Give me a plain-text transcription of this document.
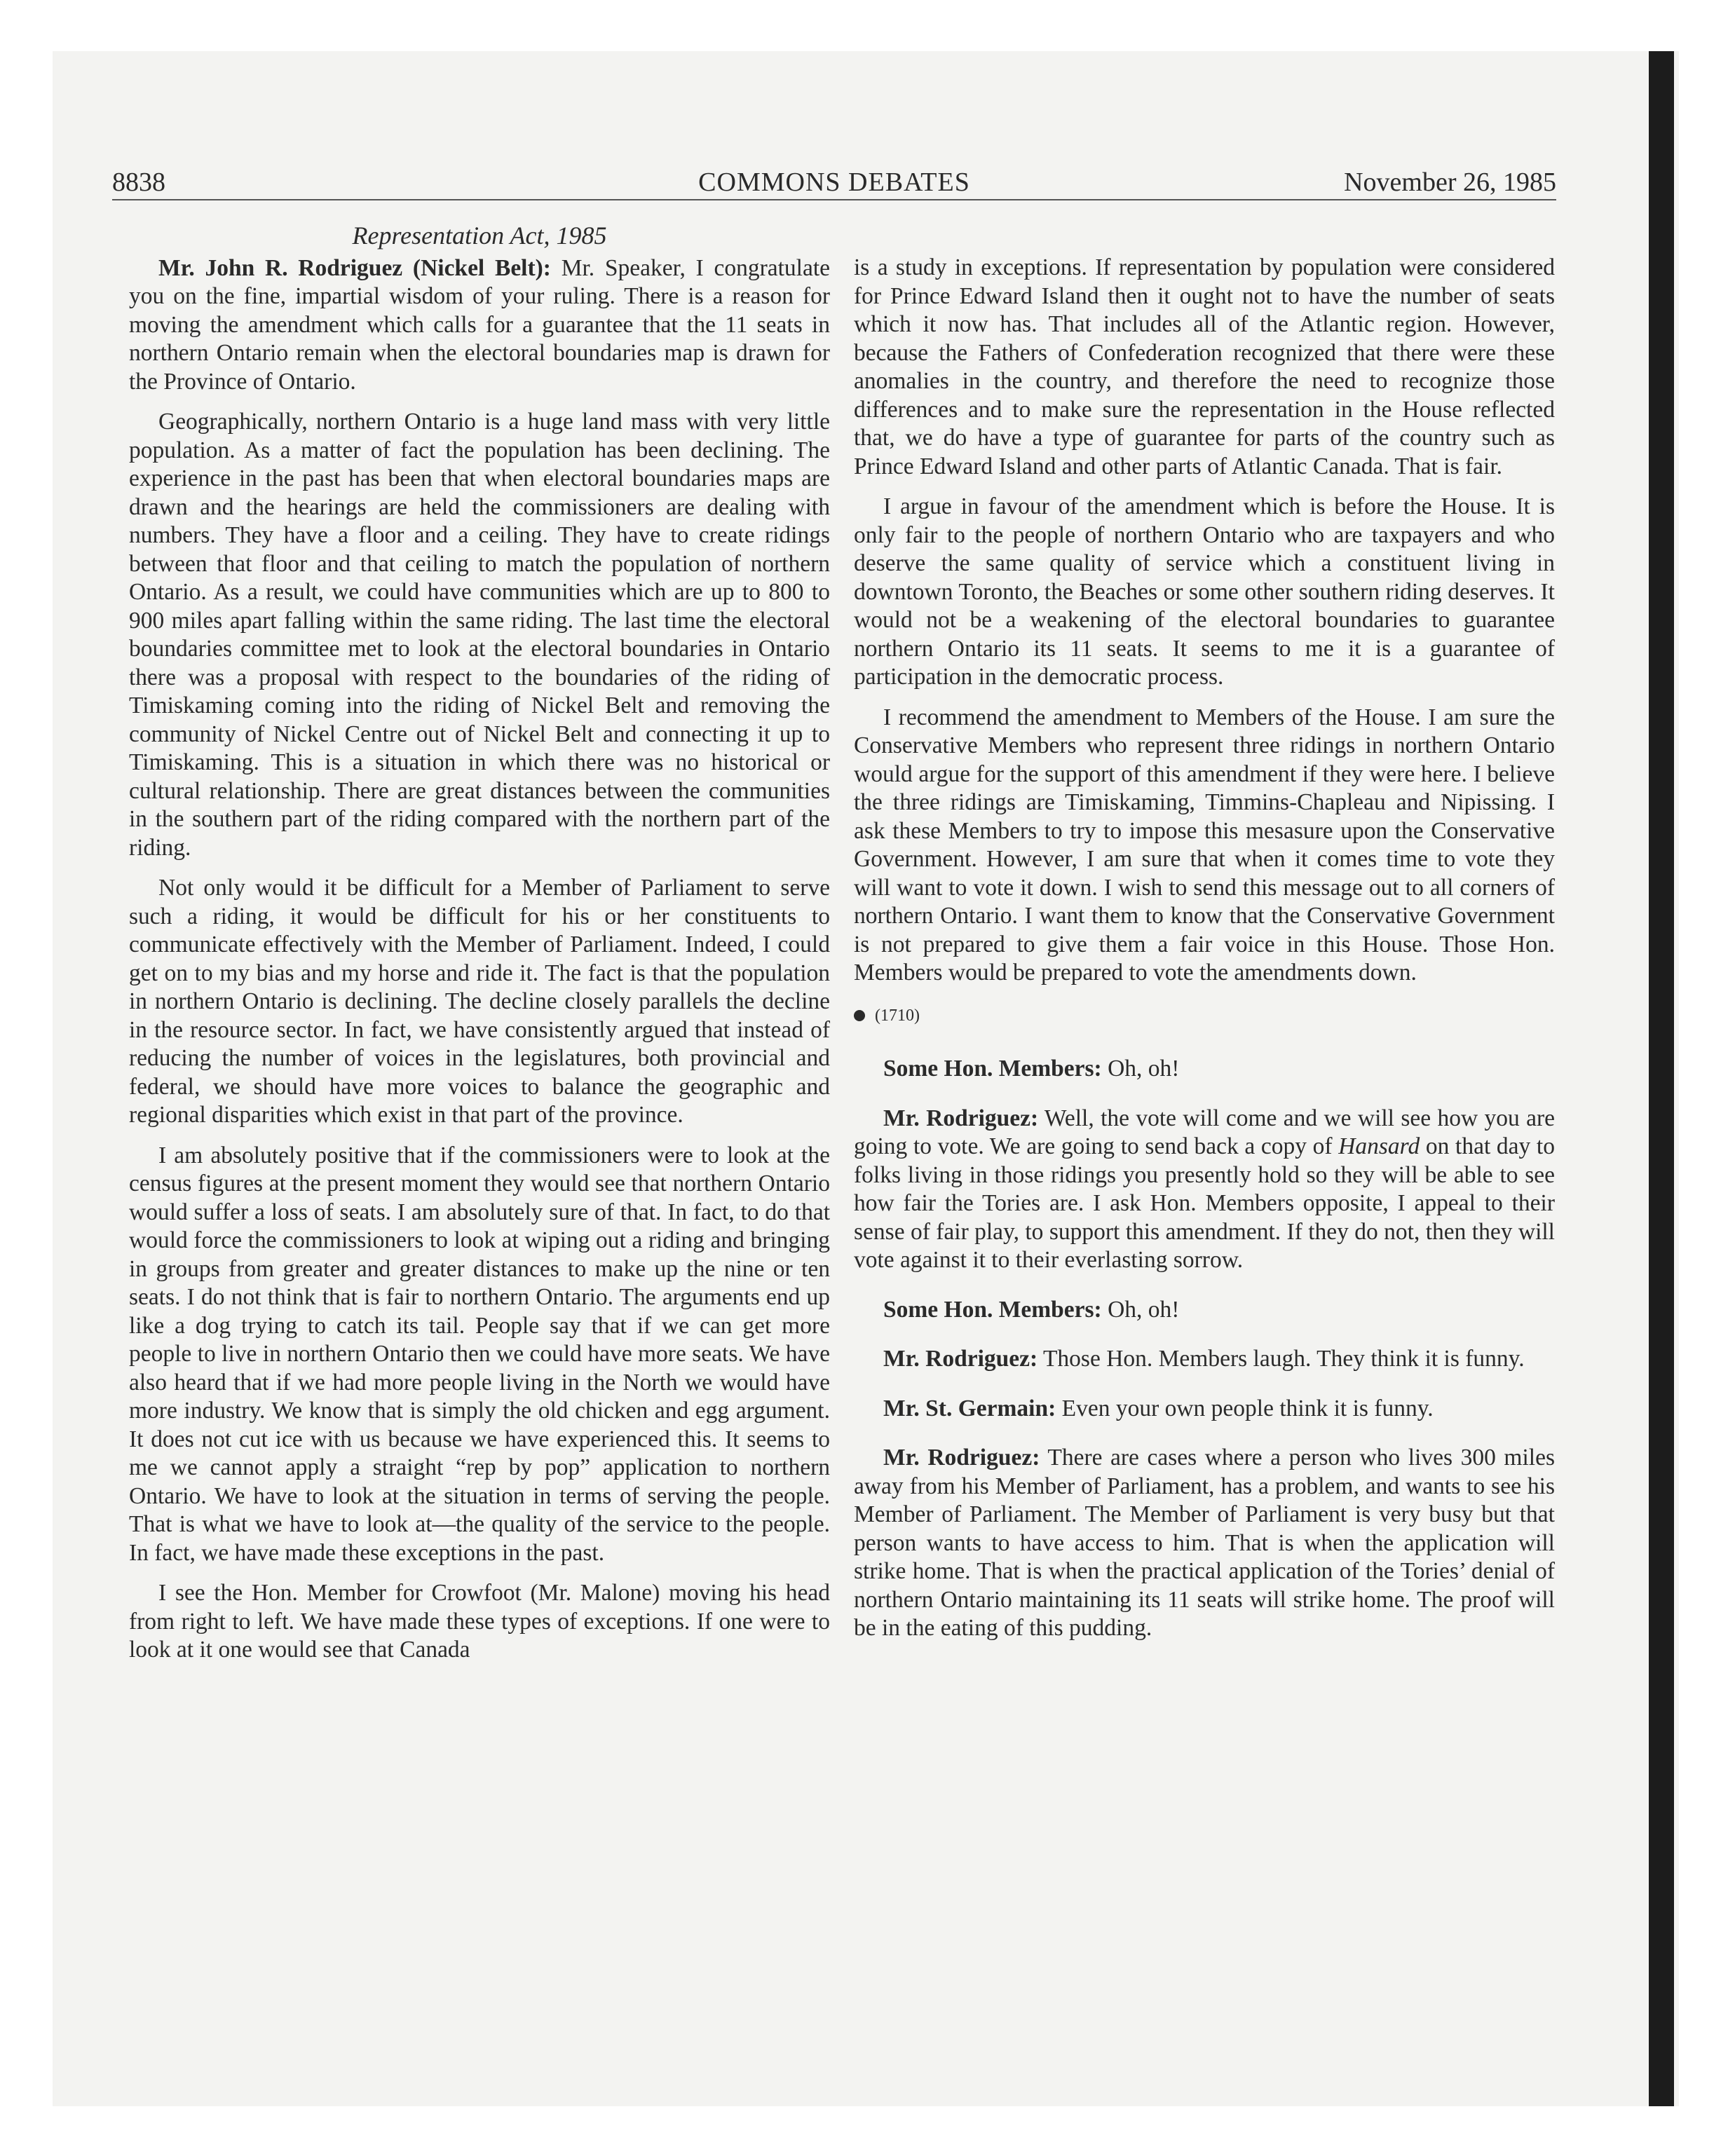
8838	COMMONS DEBATES	November 26, 1985
Representation Act, 1985

Mr. John R. Rodriguez (Nickel Belt): Mr. Speaker, I congratulate you on the fine, impartial wisdom of your ruling. There is a reason for moving the amendment which calls for a guarantee that the 11 seats in northern Ontario remain when the electoral boundaries map is drawn for the Province of Ontario.

Geographically, northern Ontario is a huge land mass with very little population. As a matter of fact the population has been declining. The experience in the past has been that when electoral boundaries maps are drawn and the hearings are held the commissioners are dealing with numbers. They have a floor and a ceiling. They have to create ridings between that floor and that ceiling to match the population of northern Ontario. As a result, we could have communities which are up to 800 to 900 miles apart falling within the same riding. The last time the electoral boundaries committee met to look at the electoral boundaries in Ontario there was a proposal with respect to the boundaries of the riding of Timiskaming coming into the riding of Nickel Belt and removing the community of Nickel Centre out of Nickel Belt and connecting it up to Timiskaming. This is a situation in which there was no historical or cultural relationship. There are great distances between the communities in the southern part of the riding compared with the northern part of the riding.

Not only would it be difficult for a Member of Parliament to serve such a riding, it would be difficult for his or her constituents to communicate effectively with the Member of Parliament. Indeed, I could get on to my bias and my horse and ride it. The fact is that the population in northern Ontario is declining. The decline closely parallels the decline in the resource sector. In fact, we have consistently argued that instead of reducing the number of voices in the legislatures, both provincial and federal, we should have more voices to balance the geographic and regional disparities which exist in that part of the province.

I am absolutely positive that if the commissioners were to look at the census figures at the present moment they would see that northern Ontario would suffer a loss of seats. I am absolutely sure of that. In fact, to do that would force the commissioners to look at wiping out a riding and bringing in groups from greater and greater distances to make up the nine or ten seats. I do not think that is fair to northern Ontario. The arguments end up like a dog trying to catch its tail. People say that if we can get more people to live in northern Ontario then we could have more seats. We have also heard that if we had more people living in the North we would have more industry. We know that is simply the old chicken and egg argument. It does not cut ice with us because we have experienced this. It seems to me we cannot apply a straight “rep by pop” application to northern Ontario. We have to look at the situation in terms of serving the people. That is what we have to look at—the quality of the service to the people. In fact, we have made these exceptions in the past.

I see the Hon. Member for Crowfoot (Mr. Malone) moving his head from right to left. We have made these types of exceptions. If one were to look at it one would see that Canada

is a study in exceptions. If representation by population were considered for Prince Edward Island then it ought not to have the number of seats which it now has. That includes all of the Atlantic region. However, because the Fathers of Confederation recognized that there were these anomalies in the country, and therefore the need to recognize those differences and to make sure the representation in the House reflected that, we do have a type of guarantee for parts of the country such as Prince Edward Island and other parts of Atlantic Canada. That is fair.

I argue in favour of the amendment which is before the House. It is only fair to the people of northern Ontario who are taxpayers and who deserve the same quality of service which a constituent living in downtown Toronto, the Beaches or some other southern riding deserves. It would not be a weakening of the electoral boundaries to guarantee northern Ontario its 11 seats. It seems to me it is a guarantee of participation in the democratic process.

I recommend the amendment to Members of the House. I am sure the Conservative Members who represent three ridings in northern Ontario would argue for the support of this amendment if they were here. I believe the three ridings are Timiskaming, Timmins-Chapleau and Nipissing. I ask these Members to try to impose this mesasure upon the Conservative Government. However, I am sure that when it comes time to vote they will want to vote it down. I wish to send this message out to all corners of northern Ontario. I want them to know that the Conservative Government is not prepared to give them a fair voice in this House. Those Hon. Members would be prepared to vote the amendments down.

(1710)

Some Hon. Members: Oh, oh!

Mr. Rodriguez: Well, the vote will come and we will see how you are going to vote. We are going to send back a copy of Hansard on that day to folks living in those ridings you presently hold so they will be able to see how fair the Tories are. I ask Hon. Members opposite, I appeal to their sense of fair play, to support this amendment. If they do not, then they will vote against it to their everlasting sorrow.

Some Hon. Members: Oh, oh!

Mr. Rodriguez: Those Hon. Members laugh. They think it is funny.

Mr. St. Germain: Even your own people think it is funny.

Mr. Rodriguez: There are cases where a person who lives 300 miles away from his Member of Parliament, has a problem, and wants to see his Member of Parliament. The Member of Parliament is very busy but that person wants to have access to him. That is when the application will strike home. That is when the practical application of the Tories’ denial of northern Ontario maintaining its 11 seats will strike home. The proof will be in the eating of this pudding.
